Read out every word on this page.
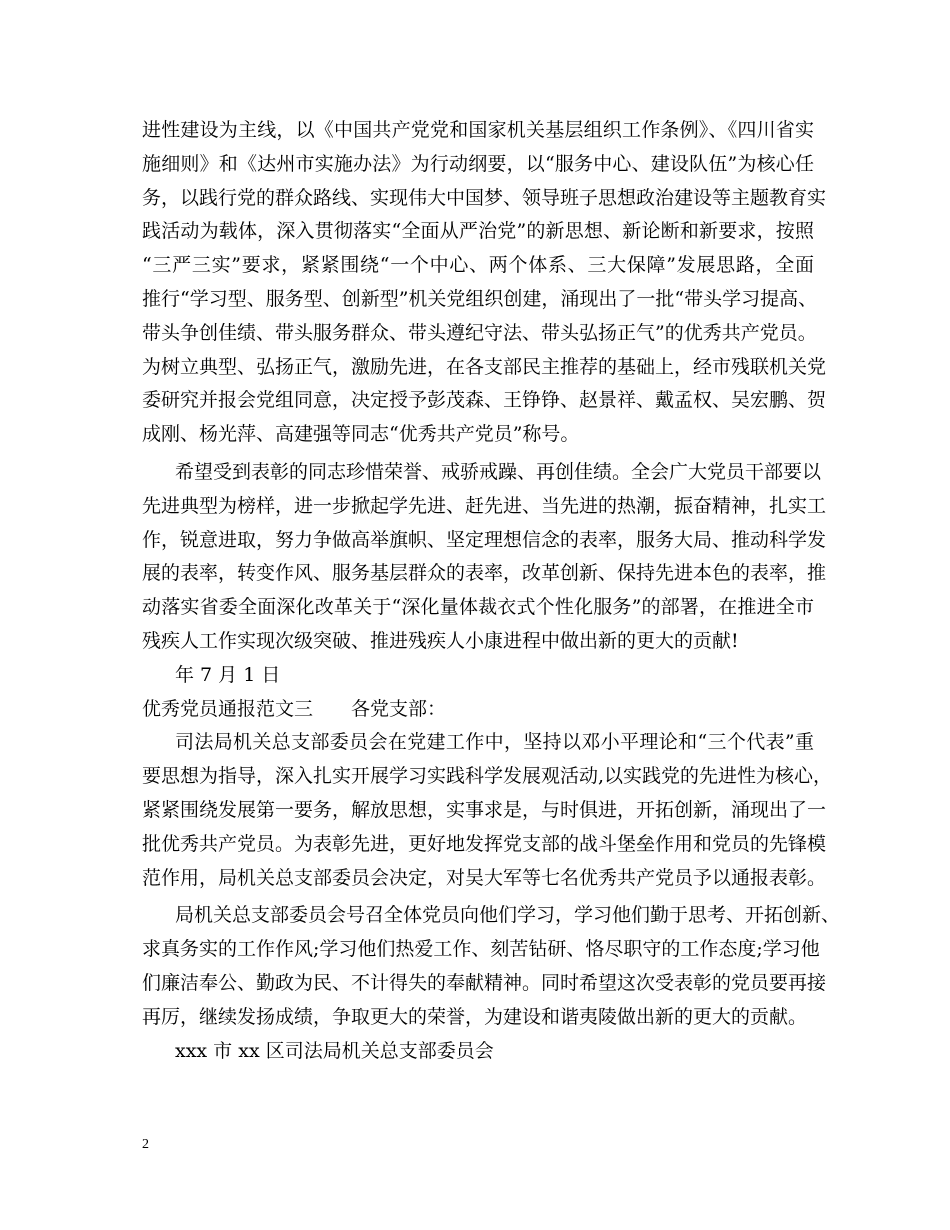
进性建设为主线，以《中国共产党党和国家机关基层组织工作条例》、《四川省实
施细则》和《达州市实施办法》为行动纲要，以“服务中心、建设队伍”为核心任
务，以践行党的群众路线、实现伟大中国梦、领导班子思想政治建设等主题教育实
践活动为载体，深入贯彻落实“全面从严治党”的新思想、新论断和新要求，按照
“三严三实”要求，紧紧围绕“一个中心、两个体系、三大保障”发展思路，全面
推行“学习型、服务型、创新型”机关党组织创建，涌现出了一批“带头学习提高、
带头争创佳绩、带头服务群众、带头遵纪守法、带头弘扬正气”的优秀共产党员。
为树立典型、弘扬正气，激励先进，在各支部民主推荐的基础上，经市残联机关党
委研究并报会党组同意，决定授予彭茂森、王铮铮、赵景祥、戴孟权、吴宏鹏、贺
成刚、杨光萍、高建强等同志“优秀共产党员”称号。
希望受到表彰的同志珍惜荣誉、戒骄戒躁、再创佳绩。全会广大党员干部要以
先进典型为榜样，进一步掀起学先进、赶先进、当先进的热潮，振奋精神，扎实工
作，锐意进取，努力争做高举旗帜、坚定理想信念的表率，服务大局、推动科学发
展的表率，转变作风、服务基层群众的表率，改革创新、保持先进本色的表率，推
动落实省委全面深化改革关于“深化量体裁衣式个性化服务”的部署，在推进全市
残疾人工作实现次级突破、推进残疾人小康进程中做出新的更大的贡献!
年 7 月 1 日
优秀党员通报范文三 各党支部：
司法局机关总支部委员会在党建工作中，坚持以邓小平理论和“三个代表”重
要思想为指导，深入扎实开展学习实践科学发展观活动,以实践党的先进性为核心，
紧紧围绕发展第一要务，解放思想，实事求是，与时俱进，开拓创新，涌现出了一
批优秀共产党员。为表彰先进，更好地发挥党支部的战斗堡垒作用和党员的先锋模
范作用，局机关总支部委员会决定，对吴大军等七名优秀共产党员予以通报表彰。
局机关总支部委员会号召全体党员向他们学习，学习他们勤于思考、开拓创新、
求真务实的工作作风;学习他们热爱工作、刻苦钻研、恪尽职守的工作态度;学习他
们廉洁奉公、勤政为民、不计得失的奉献精神。同时希望这次受表彰的党员要再接
再厉，继续发扬成绩，争取更大的荣誉，为建设和谐夷陵做出新的更大的贡献。
xxx 市 xx 区司法局机关总支部委员会
2
